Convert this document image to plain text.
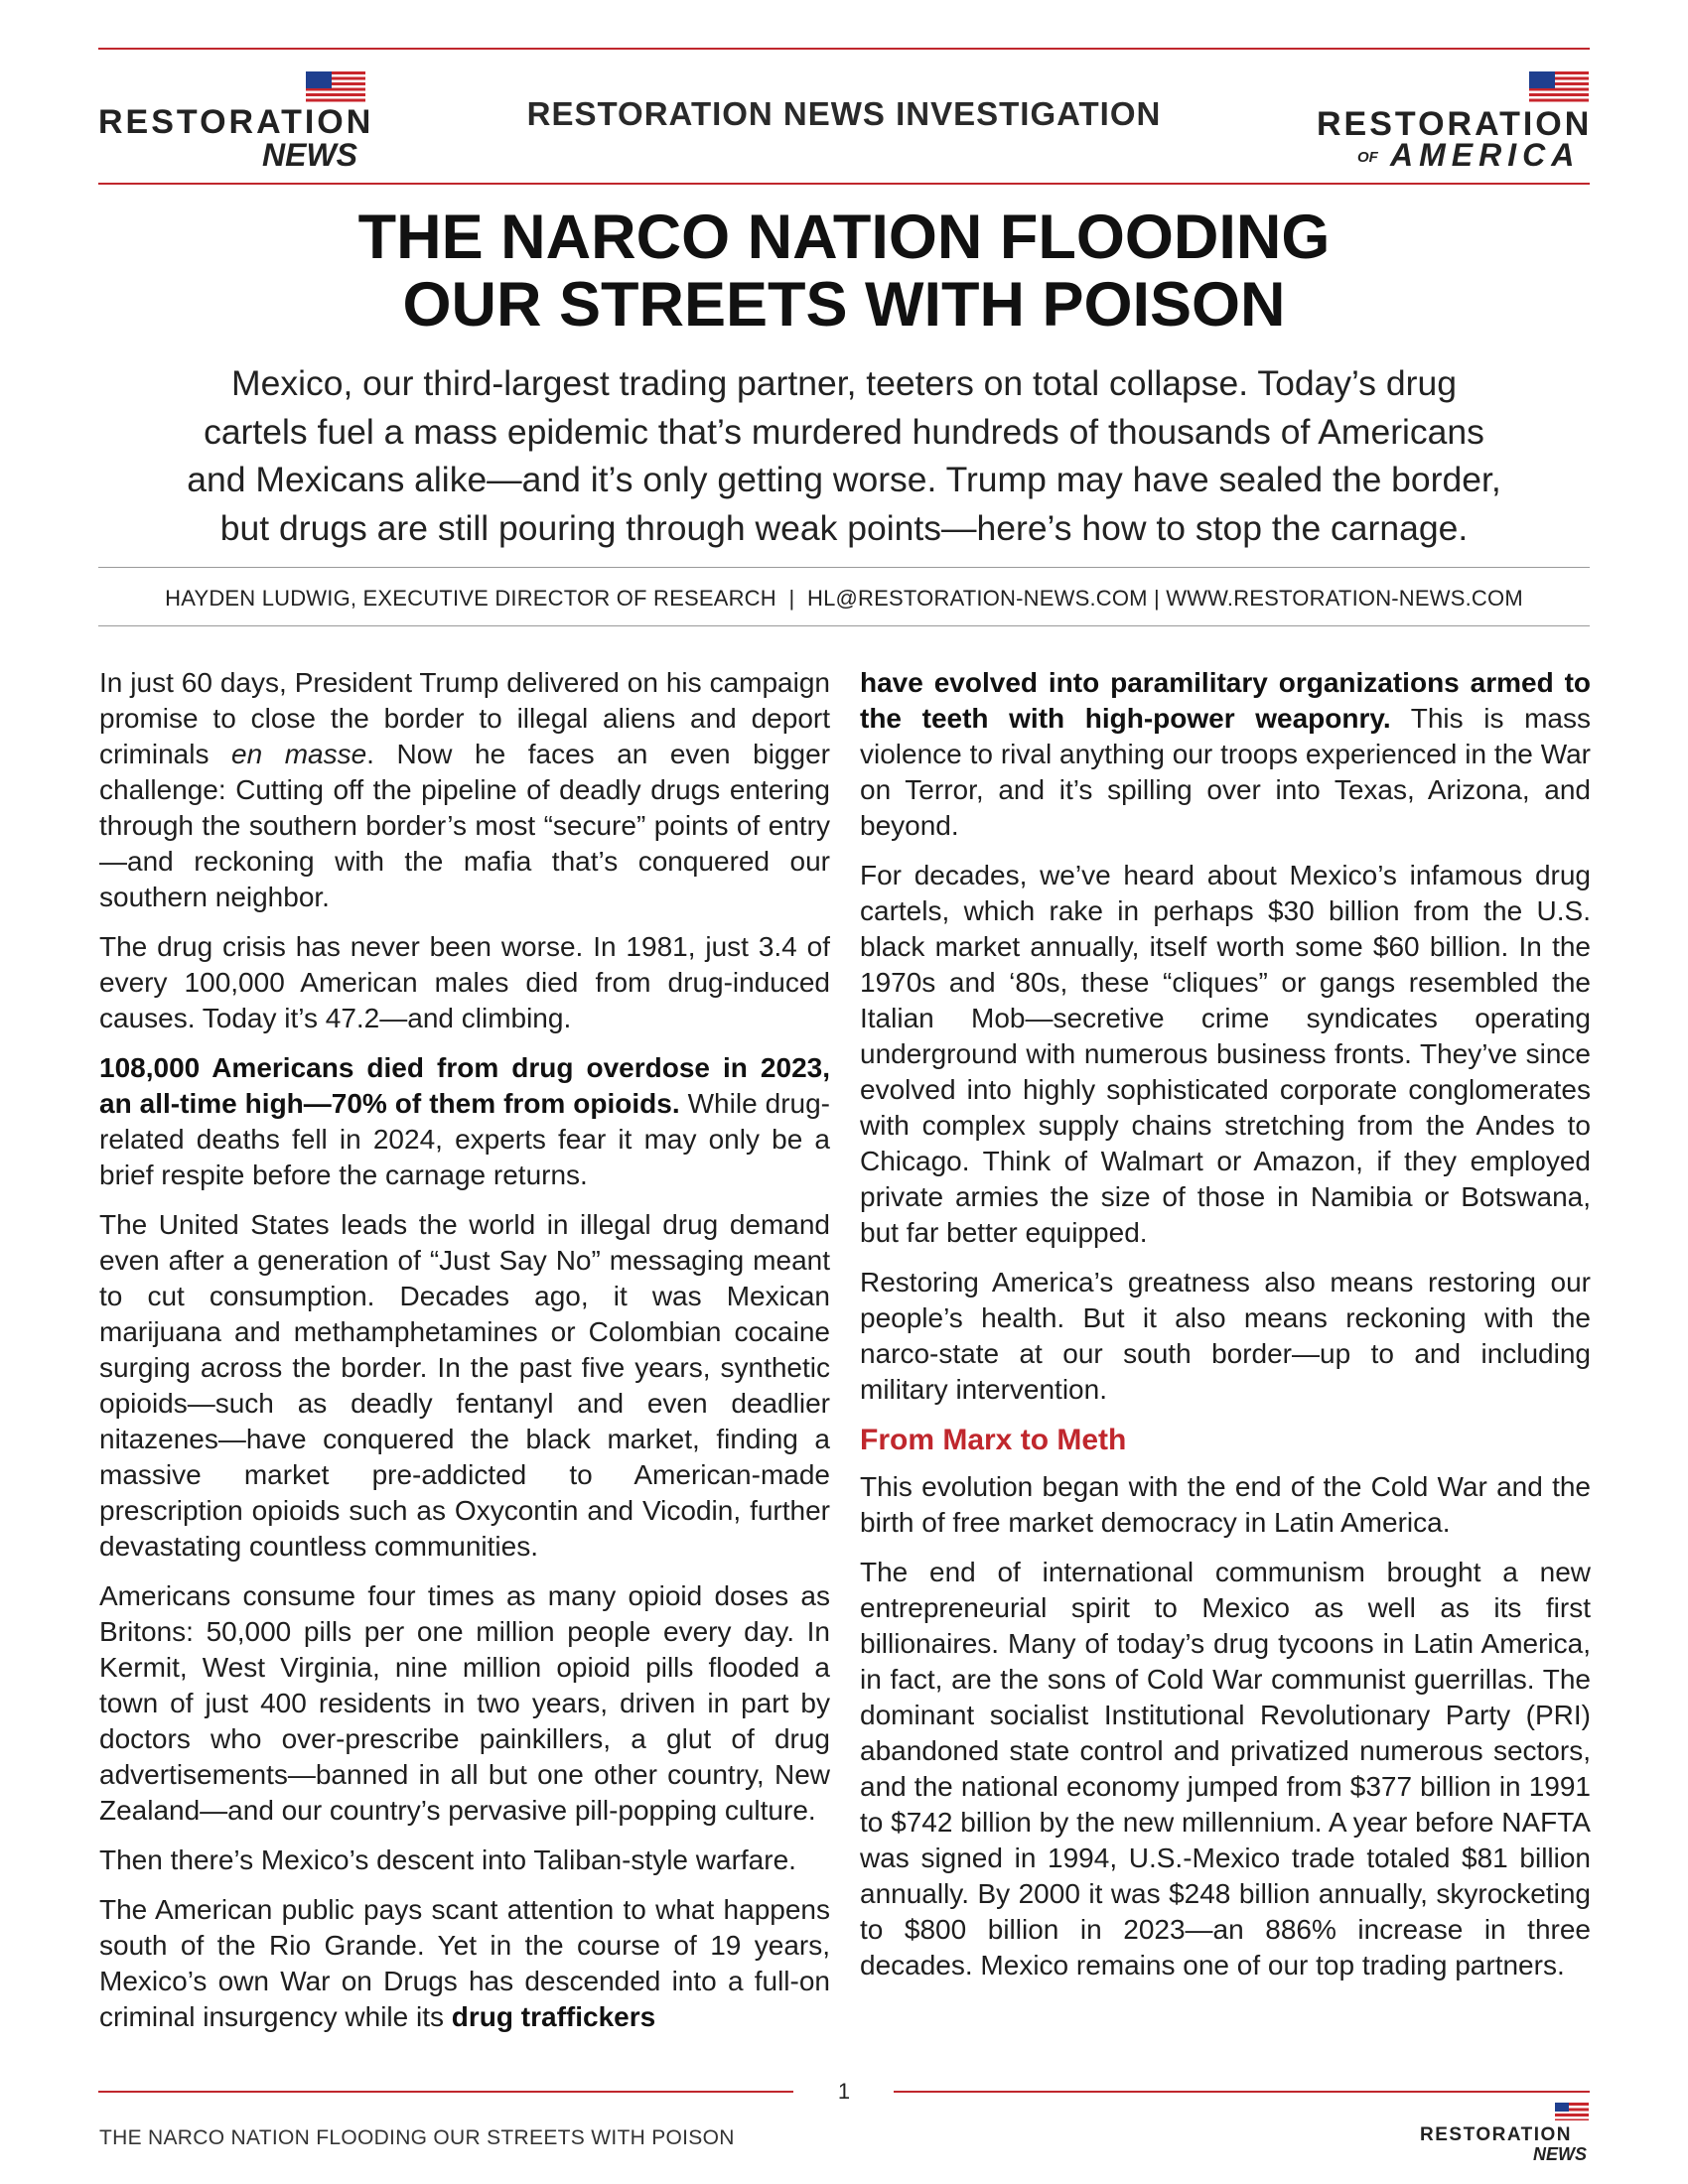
RESTORATION
NEWS
RESTORATION NEWS INVESTIGATION	RESTORATION
OF AMERICA
THE NARCO NATION FLOODING
OUR STREETS WITH POISON
Mexico, our third-largest trading partner, teeters on total collapse. Today’s drug
cartels fuel a mass epidemic that’s murdered hundreds of thousands of Americans
and Mexicans alike—and it’s only getting worse. Trump may have sealed the border,
but drugs are still pouring through weak points—here’s how to stop the carnage.
HAYDEN LUDWIG, EXECUTIVE DIRECTOR OF RESEARCH  |  HL@RESTORATION-NEWS.COM | WWW.RESTORATION-NEWS.COM

In just 60 days, President Trump delivered on his campaign promise to close the border to illegal aliens and deport criminals en masse. Now he faces an even bigger challenge: Cutting off the pipeline of deadly drugs entering through the southern border’s most “secure” points of entry—and reckoning with the mafia that’s conquered our southern neighbor.

The drug crisis has never been worse. In 1981, just 3.4 of every 100,000 American males died from drug-induced causes. Today it’s 47.2—and climbing.

108,000 Americans died from drug overdose in 2023, an all-time high—70% of them from opioids. While drug-related deaths fell in 2024, experts fear it may only be a brief respite before the carnage returns.

The United States leads the world in illegal drug demand even after a generation of “Just Say No” messaging meant to cut consumption. Decades ago, it was Mexican marijuana and methamphetamines or Colombian cocaine surging across the border. In the past five years, synthetic opioids—such as deadly fentanyl and even deadlier nitazenes—have conquered the black market, finding a massive market pre-addicted to American-made prescription opioids such as Oxycontin and Vicodin, further devastating countless communities.

Americans consume four times as many opioid doses as Britons: 50,000 pills per one million people every day. In Kermit, West Virginia, nine million opioid pills flooded a town of just 400 residents in two years, driven in part by doctors who over-prescribe painkillers, a glut of drug advertisements—banned in all but one other country, New Zealand—and our country’s pervasive pill-popping culture.

Then there’s Mexico’s descent into Taliban-style warfare.

The American public pays scant attention to what happens south of the Rio Grande. Yet in the course of 19 years, Mexico’s own War on Drugs has descended into a full-on criminal insurgency while its drug traffickers

have evolved into paramilitary organizations armed to the teeth with high-power weaponry. This is mass violence to rival anything our troops experienced in the War on Terror, and it’s spilling over into Texas, Arizona, and beyond.

For decades, we’ve heard about Mexico’s infamous drug cartels, which rake in perhaps $30 billion from the U.S. black market annually, itself worth some $60 billion. In the 1970s and ‘80s, these “cliques” or gangs resembled the Italian Mob—secretive crime syndicates operating underground with numerous business fronts. They’ve since evolved into highly sophisticated corporate conglomerates with complex supply chains stretching from the Andes to Chicago. Think of Walmart or Amazon, if they employed private armies the size of those in Namibia or Botswana, but far better equipped.

Restoring America’s greatness also means restoring our people’s health. But it also means reckoning with the narco-state at our south border—up to and including military intervention.

From Marx to Meth

This evolution began with the end of the Cold War and the birth of free market democracy in Latin America.

The end of international communism brought a new entrepreneurial spirit to Mexico as well as its first billionaires. Many of today’s drug tycoons in Latin America, in fact, are the sons of Cold War communist guerrillas. The dominant socialist Institutional Revolutionary Party (PRI) abandoned state control and privatized numerous sectors, and the national economy jumped from $377 billion in 1991 to $742 billion by the new millennium. A year before NAFTA was signed in 1994, U.S.-Mexico trade totaled $81 billion annually. By 2000 it was $248 billion annually, skyrocketing to $800 billion in 2023—an 886% increase in three decades. Mexico remains one of our top trading partners.

1
THE NARCO NATION FLOODING OUR STREETS WITH POISON	RESTORATION
NEWS
